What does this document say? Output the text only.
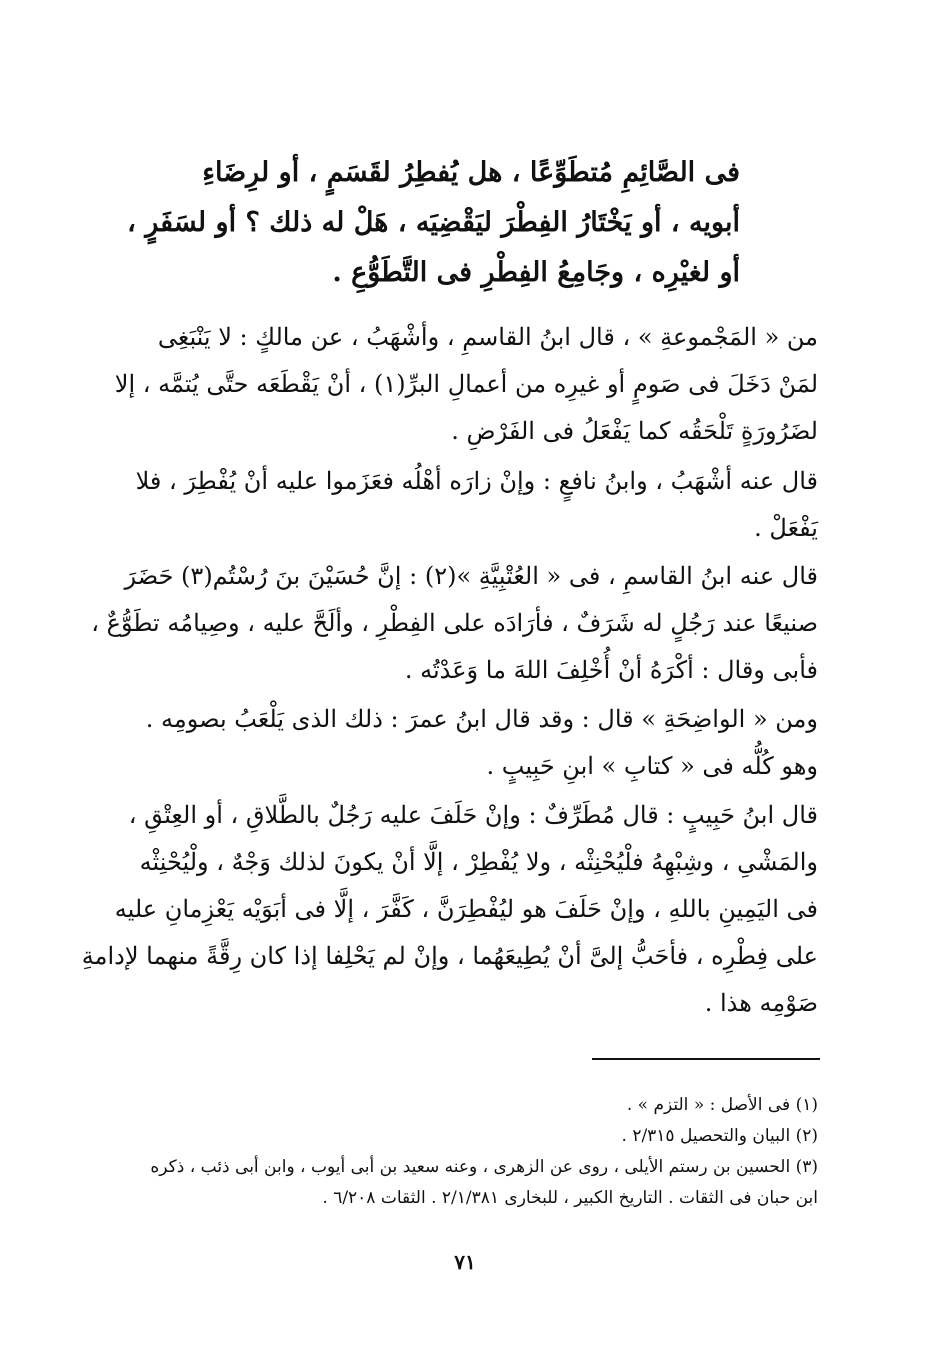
فى الصَّائِمِ مُتطَوِّعًا ، هل يُفطِرُ لقَسَمٍ ، أو لرِضَاءِ
أبويه ، أو يَخْتَارُ الفِطْرَ ليَقْضِيَه ، هَلْ له ذلك ؟ أو لسَفَرٍ ،
أو لغيْرِه ، وجَامِعُ الفِطْرِ فى التَّطَوُّعِ .
من « المَجْموعةِ » ، قال ابنُ القاسمِ ، وأشْهَبُ ، عن مالكٍ : لا يَنْبَغِى
لمَنْ دَخَلَ فى صَومٍ أو غيرِه من أعمالِ البرِّ(١) ، أنْ يَقْطَعَه حتَّى يُتمَّه ، إلا
لضَرُورَةٍ تَلْحَقُه كما يَفْعَلُ فى الفَرْضِ .
قال عنه أشْهَبُ ، وابنُ نافعٍ : وإنْ زارَه أهْلُه فعَزَموا عليه أنْ يُفْطِرَ ، فلا
يَفْعَلْ .
قال عنه ابنُ القاسمِ ، فى « العُتْبِيَّةِ »(٢) : إنَّ حُسَيْنَ بنَ رُسْتُم(٣) حَضَرَ
صنيعًا عند رَجُلٍ له شَرَفٌ ، فأرَادَه على الفِطْرِ ، وألَحَّ عليه ، وصِيامُه تطَوُّعٌ ،
فأبى وقال : أكْرَهُ أنْ أُخْلِفَ اللهَ ما وَعَدْتُه .
ومن « الواضِحَةِ » قال : وقد قال ابنُ عمرَ : ذلك الذى يَلْعَبُ بصومِه .
وهو كُلُّه فى « كتابِ » ابنِ حَبِيبٍ .
قال ابنُ حَبِيبٍ : قال مُطَرِّفٌ : وإنْ حَلَفَ عليه رَجُلٌ بالطَّلاقِ ، أو العِتْقِ ،
والمَشْىِ ، وشِبْهِهُ فلْيُحْنِثْه ، ولا يُفْطِرْ ، إلَّا أنْ يكونَ لذلك وَجْهٌ ، ولْيُحْنِثْه
فى اليَمِينِ باللهِ ، وإنْ حَلَفَ هو ليُفْطِرَنَّ ، كَفَّرَ ، إلَّا فى أبَوَيْه يَعْزِمانِ عليه
على فِطْرِه ، فأحَبُّ إلىَّ أنْ يُطِيعَهُما ، وإنْ لم يَحْلِفا إذا كان رِقَّةً منهما لإدامةِ
صَوْمِه هذا .
(١) فى الأصل : « التزم » .
(٢) البيان والتحصيل ٢/٣١٥ .
(٣) الحسين بن رستم الأيلى ، روى عن الزهرى ، وعنه سعيد بن أبى أيوب ، وابن أبى ذئب ، ذكره
ابن حبان فى الثقات . التاريخ الكبير ، للبخارى ٢/١/٣٨١ . الثقات ٦/٢٠٨ .
٧١
